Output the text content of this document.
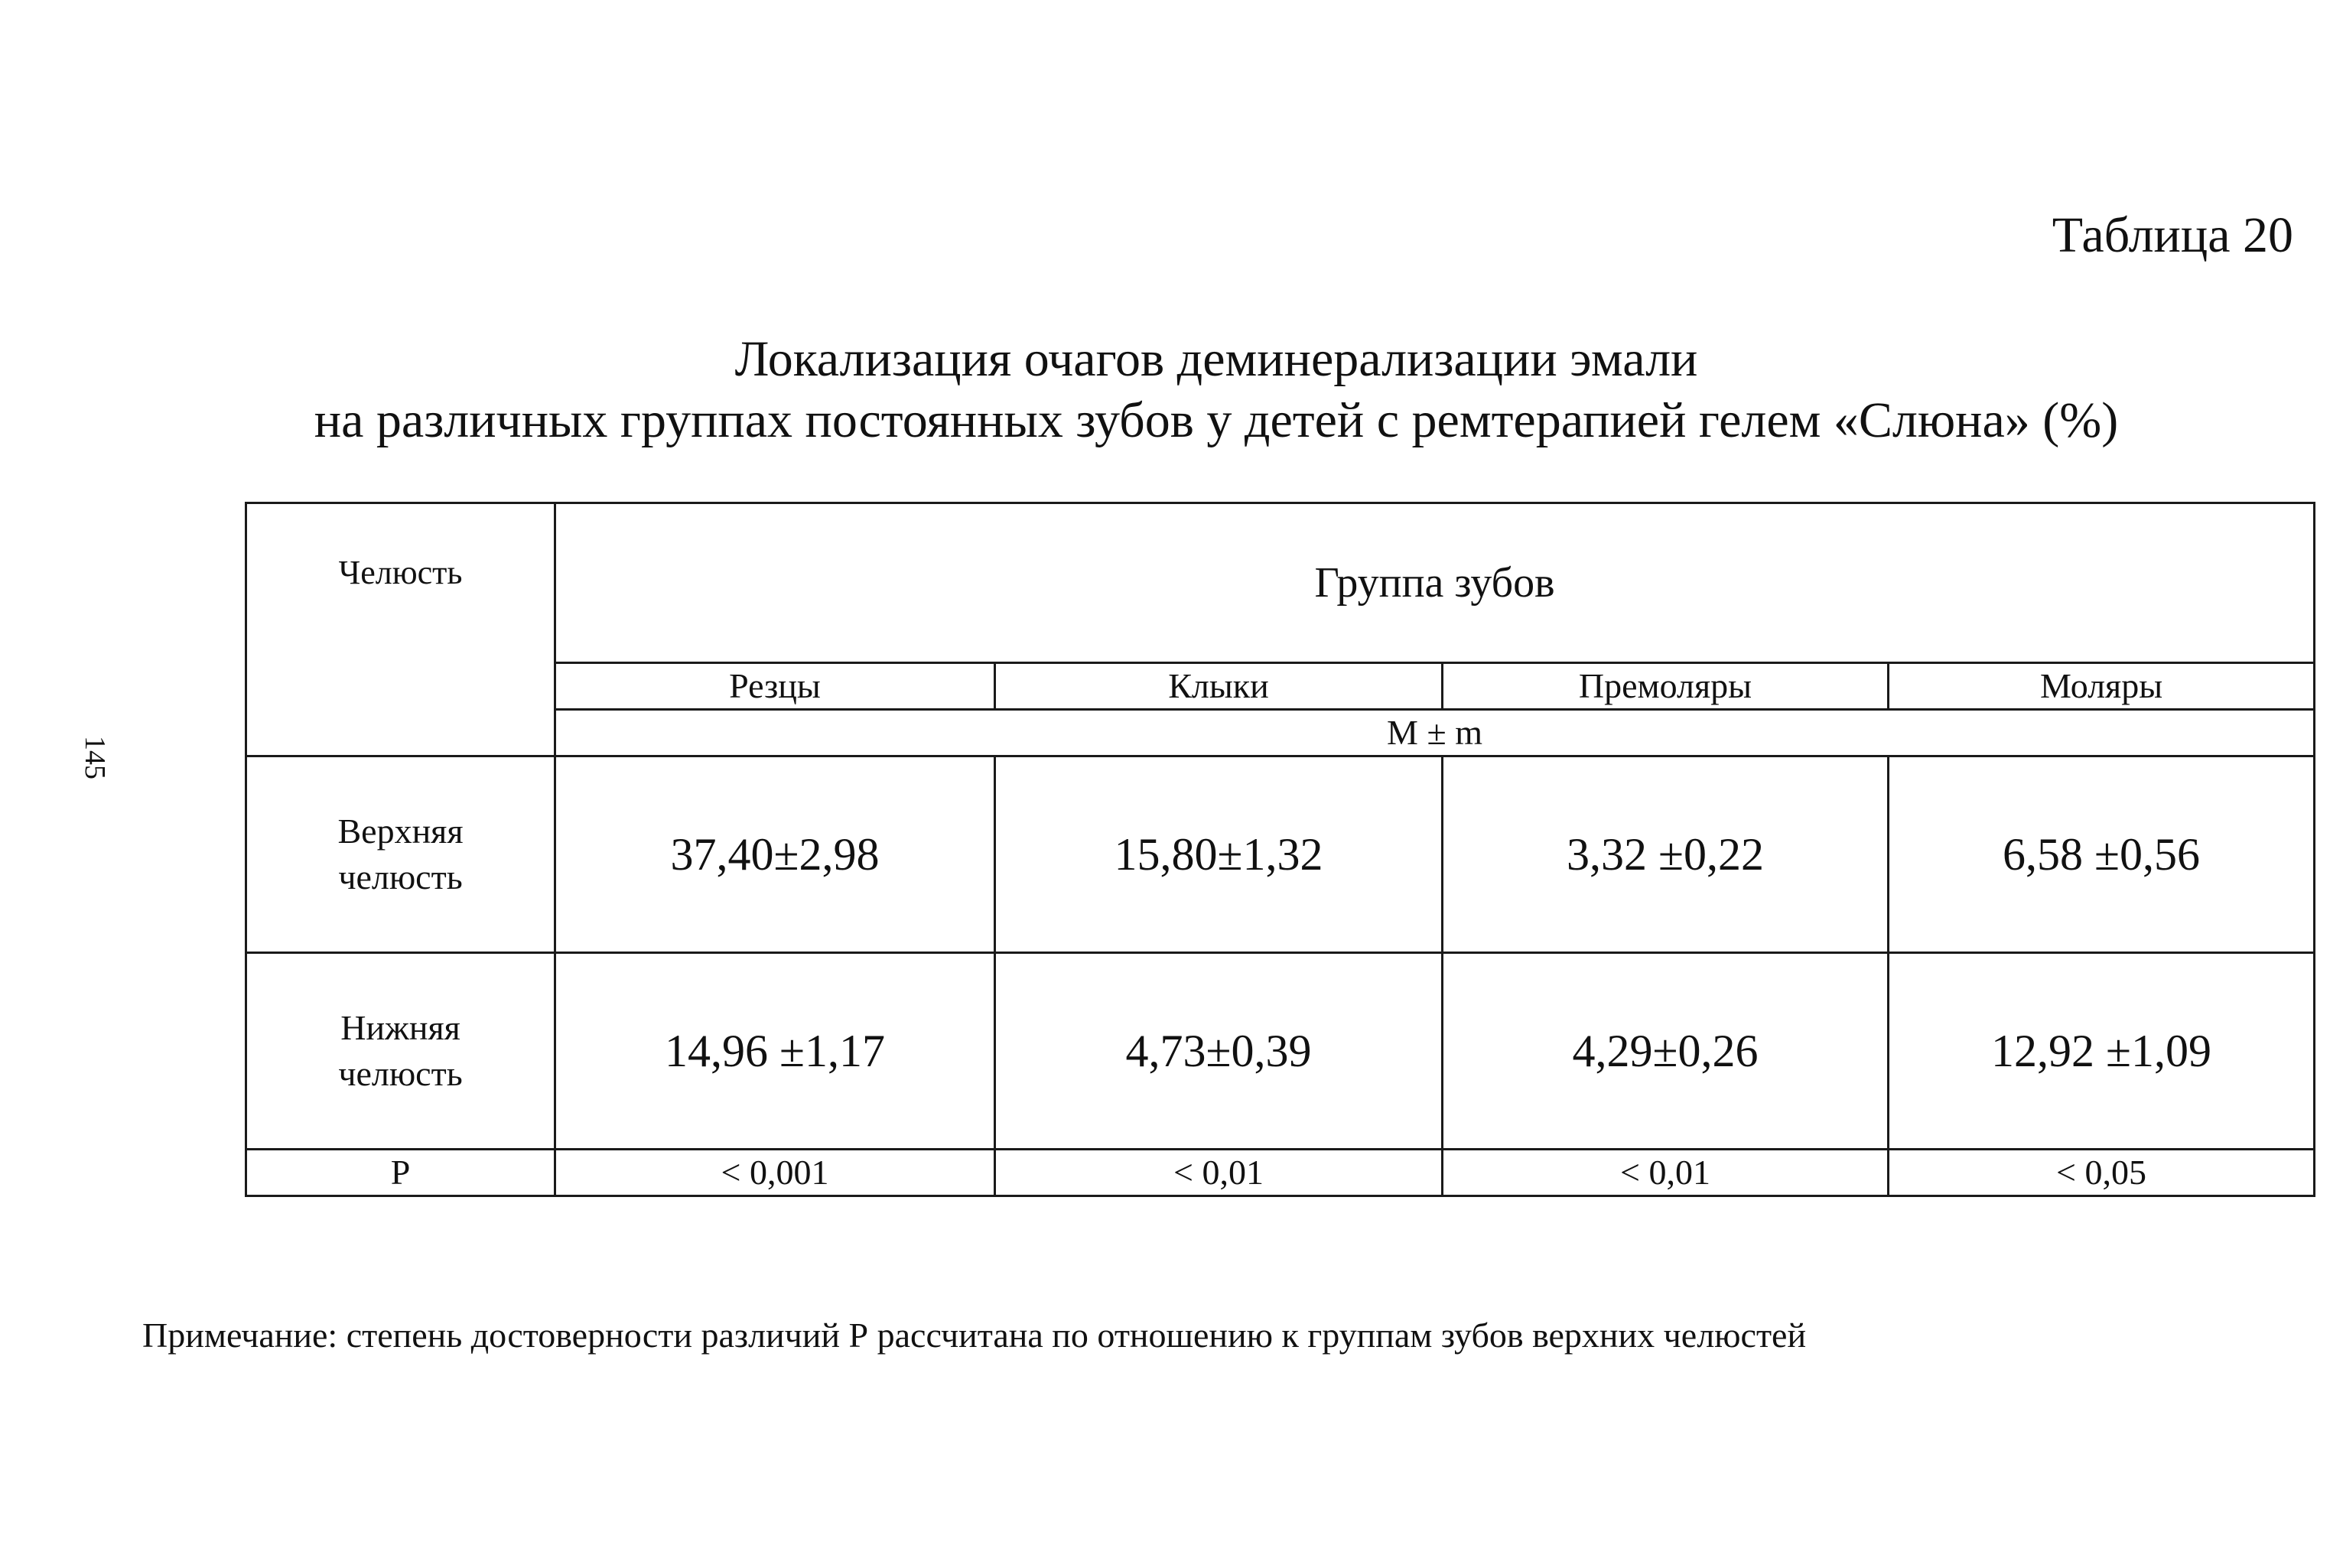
145
Таблица 20
Локализация очагов деминерализации эмали
на различных группах постоянных зубов у детей с ремтерапией гелем «Слюна» (%)
Челюсть	Группа зубов			
	Резцы	Клыки	Премоляры	Моляры
	М ± m			

Верхняя
челюсть	37,40±2,98	15,80±1,32	3,32 ±0,22	6,58 ±0,56

Нижняя
челюсть	14,96 ±1,17	4,73±0,39	4,29±0,26	12,92 ±1,09
Р	< 0,001	< 0,01	< 0,01	< 0,05
Примечание: степень достоверности различий Р рассчитана по отношению к группам зубов верхних челюстей
